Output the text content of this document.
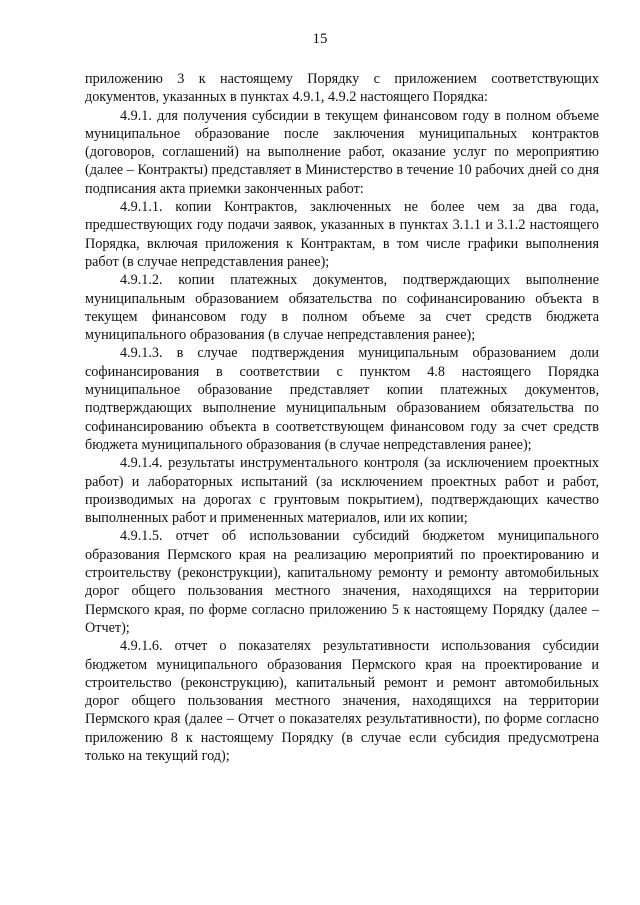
15

приложению 3 к настоящему Порядку с приложением соответствующих документов, указанных в пунктах 4.9.1, 4.9.2 настоящего Порядка:

4.9.1. для получения субсидии в текущем финансовом году в полном объеме муниципальное образование после заключения муниципальных контрактов (договоров, соглашений) на выполнение работ, оказание услуг по мероприятию (далее – Контракты) представляет в Министерство в течение 10 рабочих дней со дня подписания акта приемки законченных работ:

4.9.1.1. копии Контрактов, заключенных не более чем за два года, предшествующих году подачи заявок, указанных в пунктах 3.1.1 и 3.1.2 настоящего Порядка, включая приложения к Контрактам, в том числе графики выполнения работ (в случае непредставления ранее);

4.9.1.2. копии платежных документов, подтверждающих выполнение муниципальным образованием обязательства по софинансированию объекта в текущем финансовом году в полном объеме за счет средств бюджета муниципального образования (в случае непредставления ранее);

4.9.1.3. в случае подтверждения муниципальным образованием доли софинансирования в соответствии с пунктом 4.8 настоящего Порядка муниципальное образование представляет копии платежных документов, подтверждающих выполнение муниципальным образованием обязательства по софинансированию объекта в соответствующем финансовом году за счет средств бюджета муниципального образования (в случае непредставления ранее);

4.9.1.4. результаты инструментального контроля (за исключением проектных работ) и лабораторных испытаний (за исключением проектных работ и работ, производимых на дорогах с грунтовым покрытием), подтверждающих качество выполненных работ и примененных материалов, или их копии;

4.9.1.5. отчет об использовании субсидий бюджетом муниципального образования Пермского края на реализацию мероприятий по проектированию и строительству (реконструкции), капитальному ремонту и ремонту автомобильных дорог общего пользования местного значения, находящихся на территории Пермского края, по форме согласно приложению 5 к настоящему Порядку (далее – Отчет);

4.9.1.6. отчет о показателях результативности использования субсидии бюджетом муниципального образования Пермского края на проектирование и строительство (реконструкцию), капитальный ремонт и ремонт автомобильных дорог общего пользования местного значения, находящихся на территории Пермского края (далее – Отчет о показателях результативности), по форме согласно приложению 8 к настоящему Порядку (в случае если субсидия предусмотрена только на текущий год);
